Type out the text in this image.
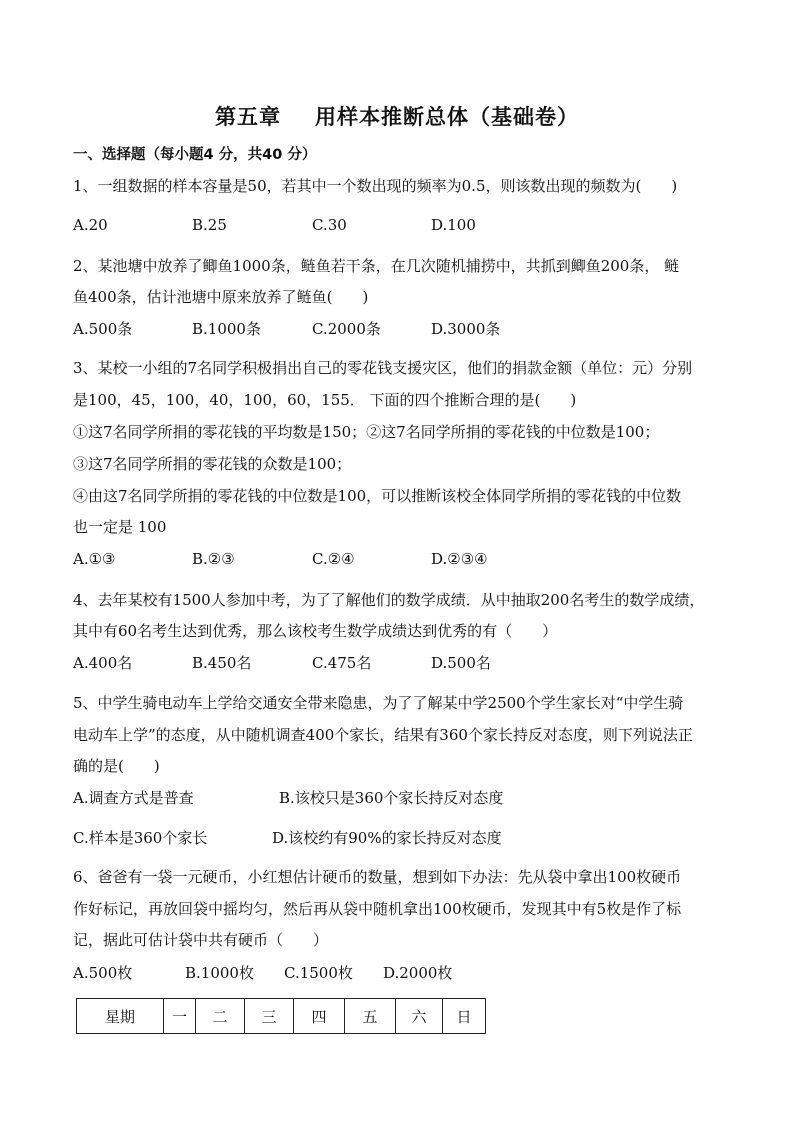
第五章 用样本推断总体（基础卷）
一、选择题（每小题4 分，共40 分）
1、一组数据的样本容量是50，若其中一个数出现的频率为0.5，则该数出现的频数为(　　)
A.20	B.25	C.30	D.100
2、某池塘中放养了鲫鱼1000条，鲢鱼若干条，在几次随机捕捞中，共抓到鲫鱼200条， 鲢
鱼400条，估计池塘中原来放养了鲢鱼(　　)
A.500条	B.1000条	C.2000条	D.3000条
3、某校一小组的7名同学积极捐出自己的零花钱支援灾区，他们的捐款金额（单位：元）分别
是100，45，100，40，100，60，155． 下面的四个推断合理的是(　　)
①这7名同学所捐的零花钱的平均数是150；②这7名同学所捐的零花钱的中位数是100；
③这7名同学所捐的零花钱的众数是100；
④由这7名同学所捐的零花钱的中位数是100，可以推断该校全体同学所捐的零花钱的中位数
也一定是 100
A.①③	B.②③	C.②④	D.②③④
4、去年某校有1500人参加中考，为了了解他们的数学成绩．从中抽取200名考生的数学成绩，
其中有60名考生达到优秀，那么该校考生数学成绩达到优秀的有（　　）
A.400名	B.450名	C.475名	D.500名
5、中学生骑电动车上学给交通安全带来隐患，为了了解某中学2500个学生家长对“中学生骑
电动车上学”的态度，从中随机调查400个家长，结果有360个家长持反对态度，则下列说法正
确的是(　　)
A.调查方式是普查	B.该校只是360个家长持反对态度
C.样本是360个家长	D.该校约有90%的家长持反对态度
6、爸爸有一袋一元硬币，小红想估计硬币的数量，想到如下办法：先从袋中拿出100枚硬币
作好标记，再放回袋中摇均匀，然后再从袋中随机拿出100枚硬币，发现其中有5枚是作了标
记，据此可估计袋中共有硬币（　　）
A.500枚	B.1000枚 C.1500枚 D.2000枚
星期	一	二	三	四	五	六	日
